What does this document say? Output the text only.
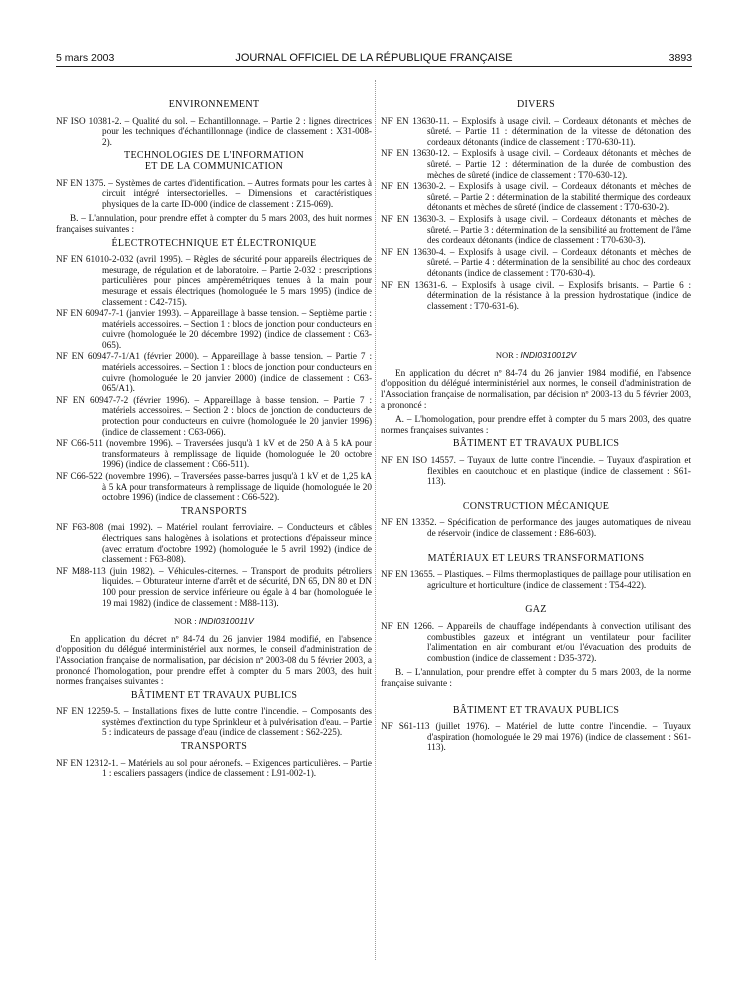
5 mars 2003	JOURNAL OFFICIEL DE LA RÉPUBLIQUE FRANÇAISE	3893
ENVIRONNEMENT
NF ISO 10381-2. – Qualité du sol. – Echantillonnage. – Partie 2 : lignes directrices pour les techniques d'échantillonnage (indice de classement : X31-008-2).
TECHNOLOGIES DE L'INFORMATION
ET DE LA COMMUNICATION
NF EN 1375. – Systèmes de cartes d'identification. – Autres formats pour les cartes à circuit intégré intersectorielles. – Dimensions et caractéristiques physiques de la carte ID-000 (indice de classement : Z15-069).
B. – L'annulation, pour prendre effet à compter du 5 mars 2003, des huit normes françaises suivantes :
ÉLECTROTECHNIQUE ET ÉLECTRONIQUE
NF EN 61010-2-032 (avril 1995). – Règles de sécurité pour appareils électriques de mesurage, de régulation et de laboratoire. – Partie 2-032 : prescriptions particulières pour pinces ampèremétriques tenues à la main pour mesurage et essais électriques (homologuée le 5 mars 1995) (indice de classement : C42-715).
NF EN 60947-7-1 (janvier 1993). – Appareillage à basse tension. – Septième partie : matériels accessoires. – Section 1 : blocs de jonction pour conducteurs en cuivre (homologuée le 20 décembre 1992) (indice de classement : C63-065).
NF EN 60947-7-1/A1 (février 2000). – Appareillage à basse tension. – Partie 7 : matériels accessoires. – Section 1 : blocs de jonction pour conducteurs en cuivre (homologuée le 20 janvier 2000) (indice de classement : C63-065/A1).
NF EN 60947-7-2 (février 1996). – Appareillage à basse tension. – Partie 7 : matériels accessoires. – Section 2 : blocs de jonction de conducteurs de protection pour conducteurs en cuivre (homologuée le 20 janvier 1996) (indice de classement : C63-066).
NF C66-511 (novembre 1996). – Traversées jusqu'à 1 kV et de 250 A à 5 kA pour transformateurs à remplissage de liquide (homologuée le 20 octobre 1996) (indice de classement : C66-511).
NF C66-522 (novembre 1996). – Traversées passe-barres jusqu'à 1 kV et de 1,25 kA à 5 kA pour transformateurs à remplissage de liquide (homologuée le 20 octobre 1996) (indice de classement : C66-522).
TRANSPORTS
NF F63-808 (mai 1992). – Matériel roulant ferroviaire. – Conducteurs et câbles électriques sans halogènes à isolations et protections d'épaisseur mince (avec erratum d'octobre 1992) (homologuée le 5 avril 1992) (indice de classement : F63-808).
NF M88-113 (juin 1982). – Véhicules-citernes. – Transport de produits pétroliers liquides. – Obturateur interne d'arrêt et de sécurité, DN 65, DN 80 et DN 100 pour pression de service inférieure ou égale à 4 bar (homologuée le 19 mai 1982) (indice de classement : M88-113).
NOR : INDI0310011V
En application du décret nº 84-74 du 26 janvier 1984 modifié, en l'absence d'opposition du délégué interministériel aux normes, le conseil d'administration de l'Association française de normalisation, par décision nº 2003-08 du 5 février 2003, a prononcé l'homologation, pour prendre effet à compter du 5 mars 2003, des huit normes françaises suivantes :
BÂTIMENT ET TRAVAUX PUBLICS
NF EN 12259-5. – Installations fixes de lutte contre l'incendie. – Composants des systèmes d'extinction du type Sprinkleur et à pulvérisation d'eau. – Partie 5 : indicateurs de passage d'eau (indice de classement : S62-225).
TRANSPORTS
NF EN 12312-1. – Matériels au sol pour aéronefs. – Exigences particulières. – Partie 1 : escaliers passagers (indice de classement : L91-002-1).
DIVERS
NF EN 13630-11. – Explosifs à usage civil. – Cordeaux détonants et mèches de sûreté. – Partie 11 : détermination de la vitesse de détonation des cordeaux détonants (indice de classement : T70-630-11).
NF EN 13630-12. – Explosifs à usage civil. – Cordeaux détonants et mèches de sûreté. – Partie 12 : détermination de la durée de combustion des mèches de sûreté (indice de classement : T70-630-12).
NF EN 13630-2. – Explosifs à usage civil. – Cordeaux détonants et mèches de sûreté. – Partie 2 : détermination de la stabilité thermique des cordeaux détonants et mèches de sûreté (indice de classement : T70-630-2).
NF EN 13630-3. – Explosifs à usage civil. – Cordeaux détonants et mèches de sûreté. – Partie 3 : détermination de la sensibilité au frottement de l'âme des cordeaux détonants (indice de classement : T70-630-3).
NF EN 13630-4. – Explosifs à usage civil. – Cordeaux détonants et mèches de sûreté. – Partie 4 : détermination de la sensibilité au choc des cordeaux détonants (indice de classement : T70-630-4).
NF EN 13631-6. – Explosifs à usage civil. – Explosifs brisants. – Partie 6 : détermination de la résistance à la pression hydrostatique (indice de classement : T70-631-6).
NOR : INDI0310012V
En application du décret nº 84-74 du 26 janvier 1984 modifié, en l'absence d'opposition du délégué interministériel aux normes, le conseil d'administration de l'Association française de normalisation, par décision nº 2003-13 du 5 février 2003, a prononcé :
A. – L'homologation, pour prendre effet à compter du 5 mars 2003, des quatre normes françaises suivantes :
BÂTIMENT ET TRAVAUX PUBLICS
NF EN ISO 14557. – Tuyaux de lutte contre l'incendie. – Tuyaux d'aspiration et flexibles en caoutchouc et en plastique (indice de classement : S61-113).
CONSTRUCTION MÉCANIQUE
NF EN 13352. – Spécification de performance des jauges automatiques de niveau de réservoir (indice de classement : E86-603).
MATÉRIAUX ET LEURS TRANSFORMATIONS
NF EN 13655. – Plastiques. – Films thermoplastiques de paillage pour utilisation en agriculture et horticulture (indice de classement : T54-422).
GAZ
NF EN 1266. – Appareils de chauffage indépendants à convection utilisant des combustibles gazeux et intégrant un ventilateur pour faciliter l'alimentation en air comburant et/ou l'évacuation des produits de combustion (indice de classement : D35-372).
B. – L'annulation, pour prendre effet à compter du 5 mars 2003, de la norme française suivante :
BÂTIMENT ET TRAVAUX PUBLICS
NF S61-113 (juillet 1976). – Matériel de lutte contre l'incendie. – Tuyaux d'aspiration (homologuée le 29 mai 1976) (indice de classement : S61-113).
